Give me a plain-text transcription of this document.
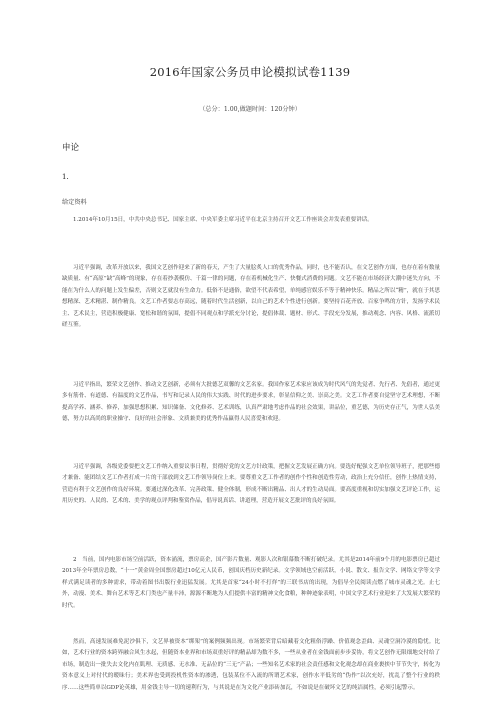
2016年国家公务员申论模拟试卷1139
（总分：1.00,做题时间：120分钟）
申论
1.
给定资料

1.2014年10月15日，中共中央总书记、国家主席、中央军委主席习近平在北京主持召开文艺工作座谈会并发表重要讲话。

习近平强调，改革开放以来，我国文艺创作迎来了新的春天，产生了大量脍炙人口的优秀作品，同时，也不能否认，在文艺创作方面，也存在着有数量缺质量、有“高原”缺“高峰”的现象，存在着抄袭模仿、千篇一律的问题，存在着机械化生产、快餐式消费的问题。文艺不能在市场经济大潮中迷失方向，不能在为什么人的问题上发生偏差，否则文艺就没有生命力。低俗不是通俗，欲望不代表希望，单纯感官娱乐不等于精神快乐。精品之所以“精”，就在于其思想精深、艺术精湛、制作精良。文艺工作者要志存高远，随着时代生活创新，以自己的艺术个性进行创新。要坚持百花齐放、百家争鸣的方针，发扬学术民主、艺术民主，营造积极健康、宽松和谐的氛围，提倡不同观点和学派充分讨论，提倡体裁、题材、形式、手段充分发展，推动观念、内容、风格、流派切磋互鉴。

习近平指出，繁荣文艺创作、推动文艺创新，必须有大批德艺双馨的文艺名家。我国作家艺术家应该成为时代风气的先觉者、先行者、先倡者，通过更多有筋骨、有道德、有温度的文艺作品，书写和记录人民的伟大实践、时代的进步要求，彰显信仰之美、崇高之美。文艺工作者要自觉坚守艺术理想，不断提高学养、涵养、修养，加强思想积累、知识储备、文化修养、艺术训练，认真严肃地考虑作品的社会效果，讲品位，重艺德，为历史存正气，为世人弘美德，努力以高尚的职业操守、良好的社会形象、文质兼美的优秀作品赢得人民喜爱和欢迎。

习近平强调，各级党委要把文艺工作纳入重要议事日程，贯彻好党的文艺方针政策，把握文艺发展正确方向。要选好配强文艺单位领导班子，把那些德才兼备、能团结文艺工作者打成一片的干部放到文艺工作领导岗位上来。要尊重文艺工作者的创作个性和创造性劳动，政治上充分信任，创作上热情支持，营造有利于文艺创作的良好环境。要通过深化改革、完善政策、健全体制，形成不断出精品、出人才的生动局面。要高度重视和切实加强文艺评论工作，运用历史的、人民的、艺术的、美学的观点评判和鉴赏作品，倡导说真话、讲道理，营造开展文艺批评的良好氛围。

2　当前，国内电影市场空前活跃，资本涌流，票房高企，国产影片数量、观影人次和银幕数不断打破纪录。尤其是2014年前9个月的电影票房已超过2013年全年票房总数，“十一”黄金周全国票房超过10亿元人民币，创国庆档历史新纪录。文学领域也空前活跃，小说、散文、报告文学、网络文学等文学样式满足读者的多种需求，带动着图书出版行业迅猛发展。尤其是首家“24小时不打烊”的三联书店的出现，为倡导全民阅读点燃了城市灵魂之光。止七外，动漫、美术、舞台艺术等艺术门类也产量丰沛，源源不断地为人们提供丰富的精神文化食粮，种种迹象表明，中国文学艺术行业迎来了大发展大繁荣的时代。

然而，高速发展难免泥沙俱下，文艺界被资本“绑架”的案例频频出现。市场繁荣背后暗藏着文化粗俗浮躁、价值观念歪曲、灵魂空洞冷漠的隐忧。比如，艺术行业的资本跨界融合风生水起，但随资本业界和市场双重好评的精品却为数不多，一些从业者在金钱面前步步妥协，将文艺创作无限细地交付给了市场，制造出一批失去文化内在肌理、无质感、无水准、无品位的“三无”产品；一些知名艺术家的社会责任感和文化观念却在商业裹挟中节节失守，转化为资本意义上对付代的暧昧行；美术界也受到投机性资本的渗透，包装某位不入流的所谓艺术家，创作水平低劣的“伪作”以次充好，扰乱了整个行业的秩序……这些简单以GDP论英雄，用金钱主导一切的速利行为，与其说是在为文化产业添砖加瓦，不如说是在破坏文艺的纯洁属性，必须引起警示。
